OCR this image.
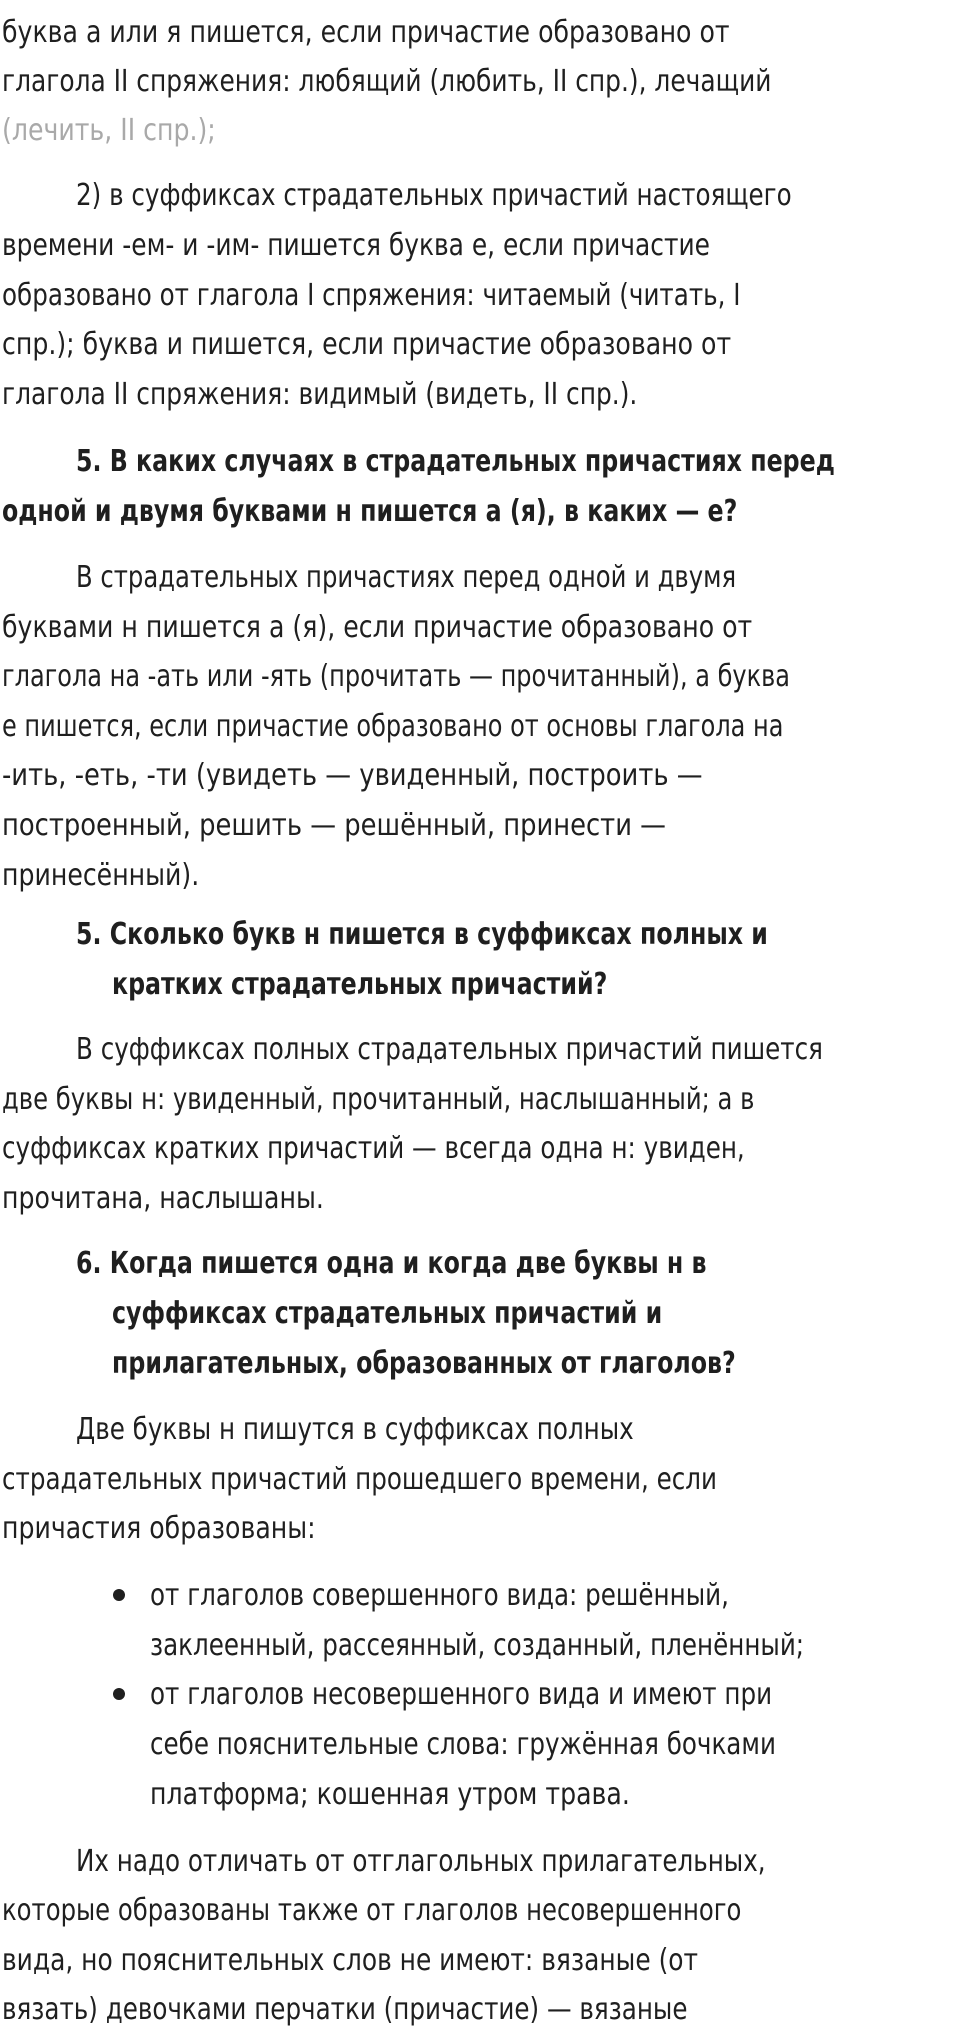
буква а или я пишется, если причастие образовано от
глагола II спряжения: любящий (любить, II спр.), лечащий
(лечить, II спр.);
2) в суффиксах страдательных причастий настоящего
времени -ем- и -им- пишется буква е, если причастие
образовано от глагола I спряжения: читаемый (читать, I
спр.); буква и пишется, если причастие образовано от
глагола II спряжения: видимый (видеть, II спр.).
5. В каких случаях в страдательных причастиях перед
одной и двумя буквами н пишется а (я), в каких — е?
В страдательных причастиях перед одной и двумя
буквами н пишется а (я), если причастие образовано от
глагола на -ать или -ять (прочитать — прочитанный), а буква
е пишется, если причастие образовано от основы глагола на
-ить, -еть, -ти (увидеть — увиденный, построить —
построенный, решить — решённый, принести —
принесённый).
5. Сколько букв н пишется в суффиксах полных и
кратких страдательных причастий?
В суффиксах полных страдательных причастий пишется
две буквы н: увиденный, прочитанный, наслышанный; а в
суффиксах кратких причастий — всегда одна н: увиден,
прочитана, наслышаны.
6. Когда пишется одна и когда две буквы н в
суффиксах страдательных причастий и
прилагательных, образованных от глаголов?
Две буквы н пишутся в суффиксах полных
страдательных причастий прошедшего времени, если
причастия образованы:
от глаголов совершенного вида: решённый,
заклеенный, рассеянный, созданный, пленённый;
от глаголов несовершенного вида и имеют при
себе пояснительные слова: гружённая бочками
платформа; кошенная утром трава.
Их надо отличать от отглагольных прилагательных,
которые образованы также от глаголов несовершенного
вида, но пояснительных слов не имеют: вязаные (от
вязать) девочками перчатки (причастие) — вязаные
